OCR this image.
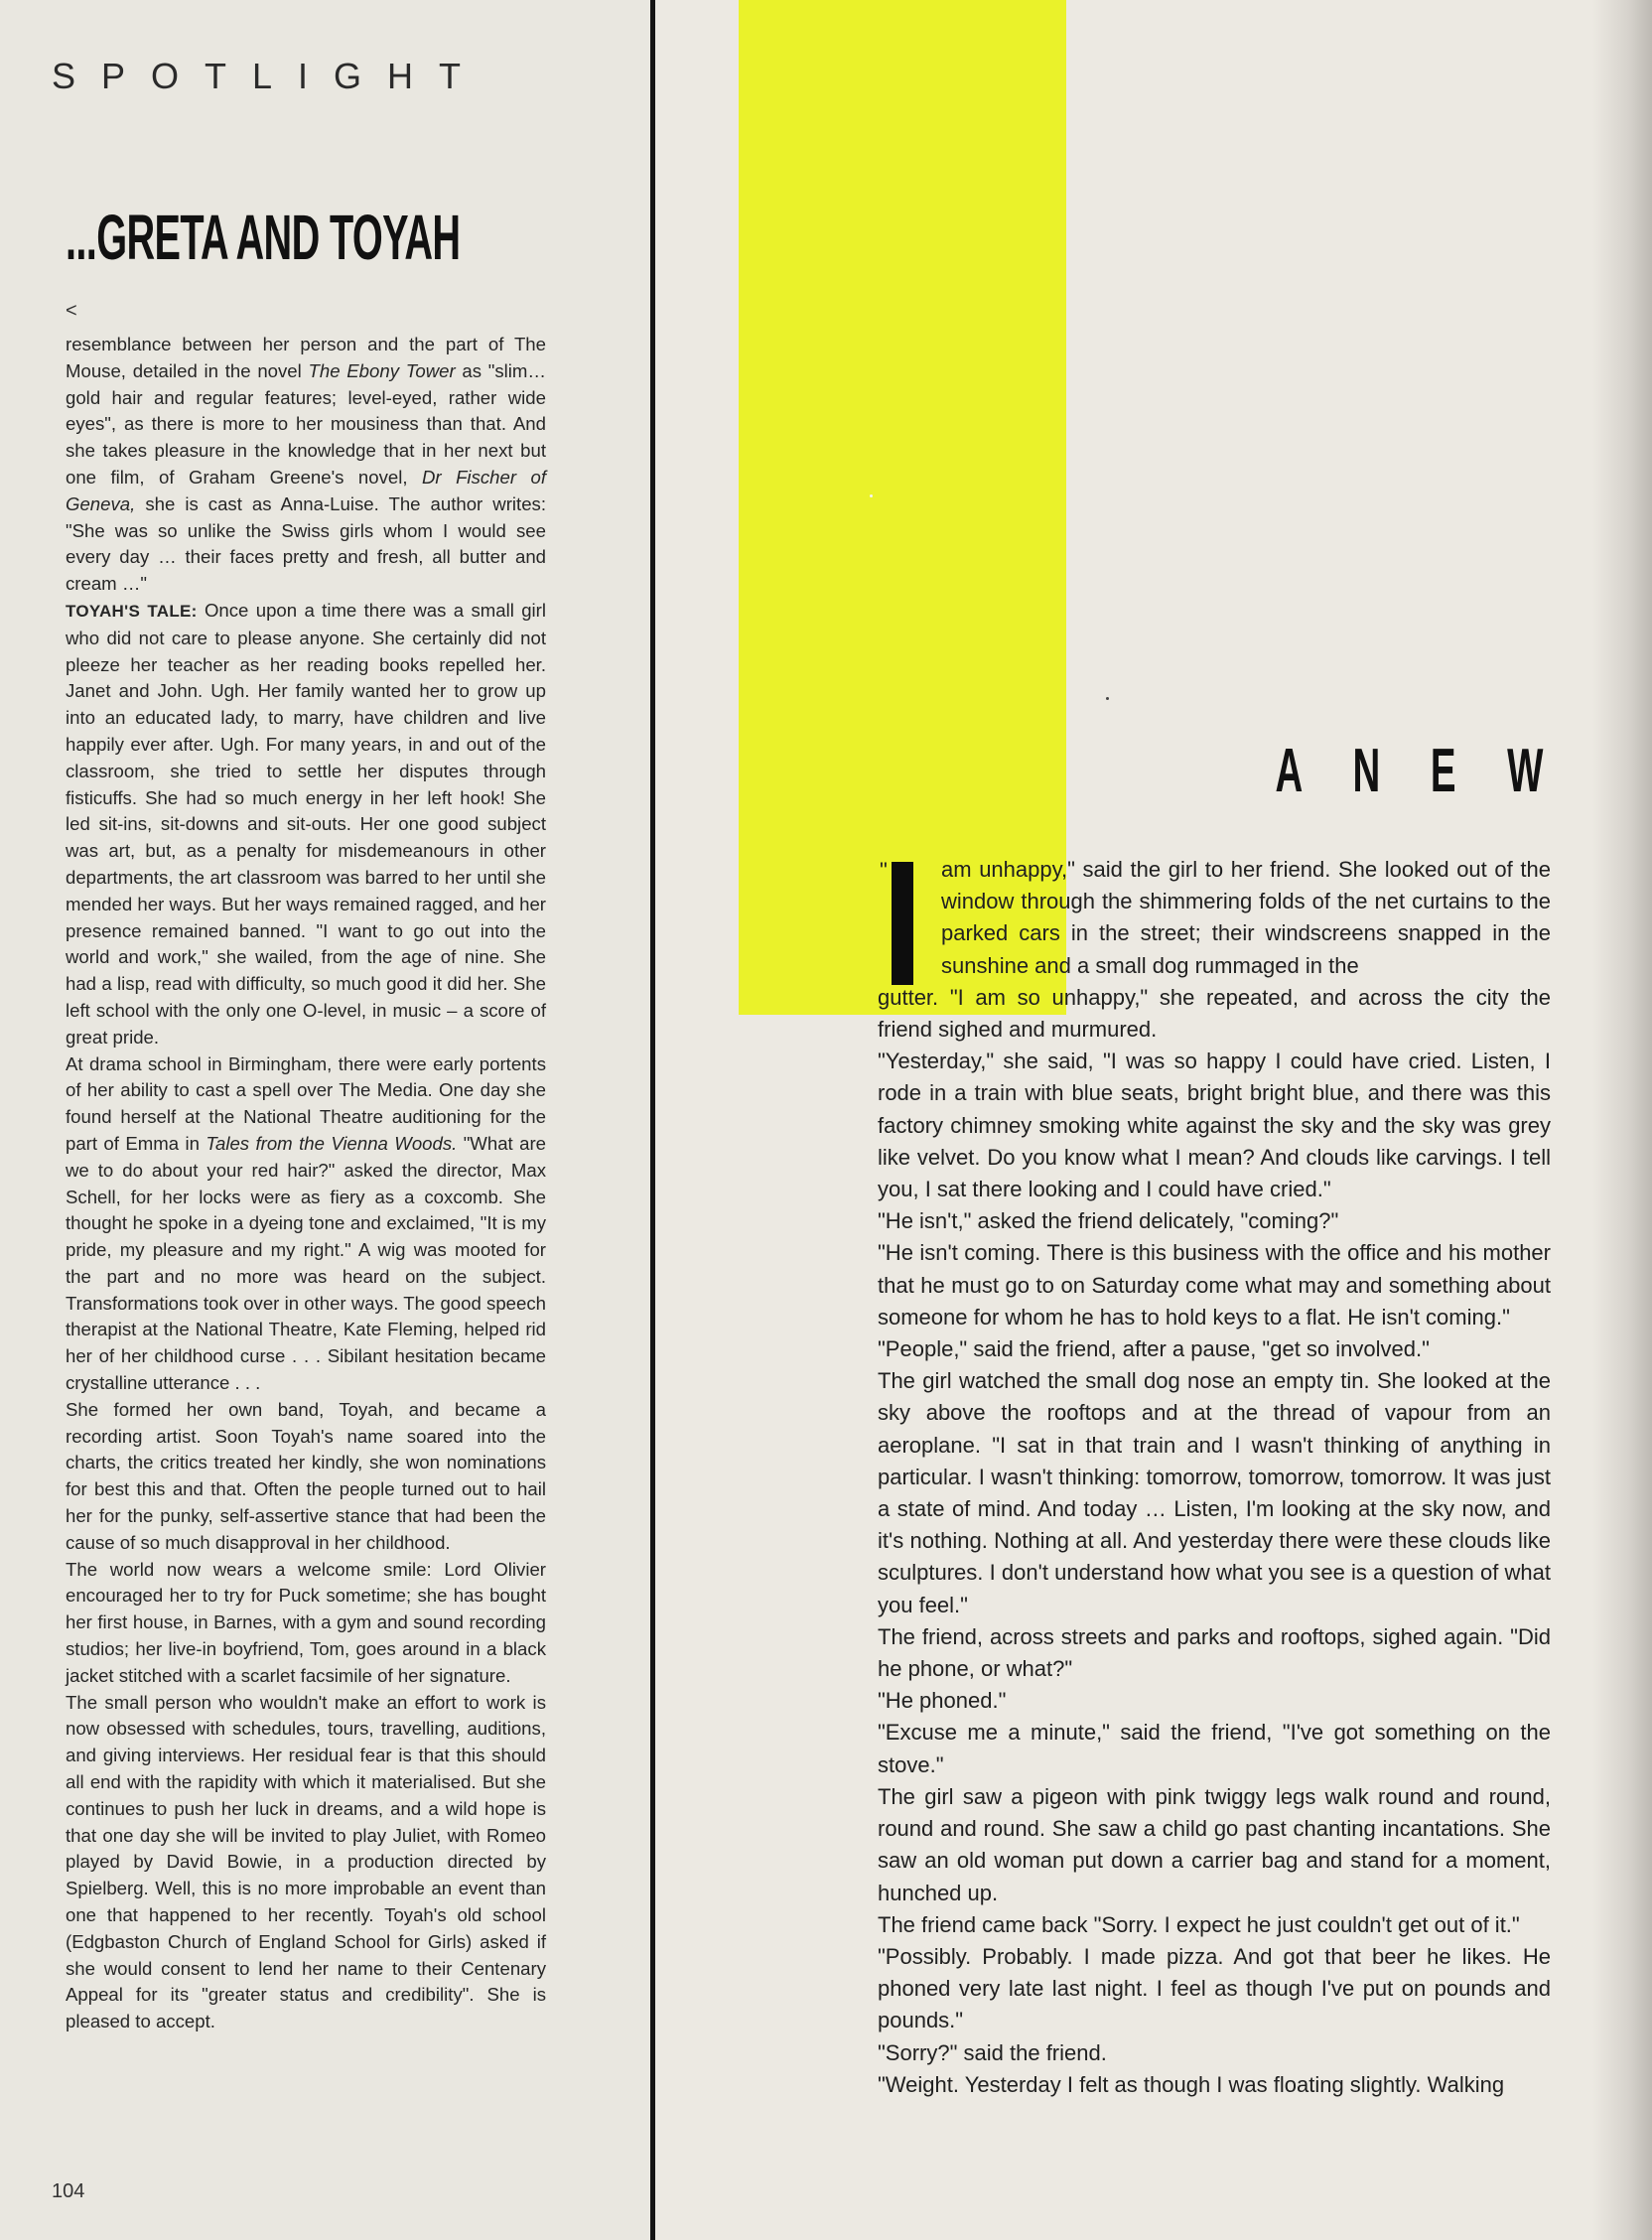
SPOTLIGHT
...GRETA AND TOYAH
<

resemblance between her person and the part of The Mouse, detailed in the novel The Ebony Tower as "slim…gold hair and regular features; level-eyed, rather wide eyes", as there is more to her mousiness than that. And she takes pleasure in the knowledge that in her next but one film, of Graham Greene's novel, Dr Fischer of Geneva, she is cast as Anna-Luise. The author writes: "She was so unlike the Swiss girls whom I would see every day … their faces pretty and fresh, all butter and cream …"

TOYAH'S TALE: Once upon a time there was a small girl who did not care to please anyone. She certainly did not pleeze her teacher as her reading books repelled her. Janet and John. Ugh. Her family wanted her to grow up into an educated lady, to marry, have children and live happily ever after. Ugh. For many years, in and out of the classroom, she tried to settle her disputes through fisticuffs. She had so much energy in her left hook! She led sit-ins, sit-downs and sit-outs. Her one good subject was art, but, as a penalty for misdemeanours in other departments, the art classroom was barred to her until she mended her ways. But her ways remained ragged, and her presence remained banned. "I want to go out into the world and work," she wailed, from the age of nine. She had a lisp, read with difficulty, so much good it did her. She left school with the only one O-level, in music – a score of great pride.

At drama school in Birmingham, there were early portents of her ability to cast a spell over The Media. One day she found herself at the National Theatre auditioning for the part of Emma in Tales from the Vienna Woods. "What are we to do about your red hair?" asked the director, Max Schell, for her locks were as fiery as a coxcomb. She thought he spoke in a dyeing tone and exclaimed, "It is my pride, my pleasure and my right." A wig was mooted for the part and no more was heard on the subject. Transformations took over in other ways. The good speech therapist at the National Theatre, Kate Fleming, helped rid her of her childhood curse . . . Sibilant hesitation became crystalline utterance . . .

She formed her own band, Toyah, and became a recording artist. Soon Toyah's name soared into the charts, the critics treated her kindly, she won nominations for best this and that. Often the people turned out to hail her for the punky, self-assertive stance that had been the cause of so much disapproval in her childhood.

The world now wears a welcome smile: Lord Olivier encouraged her to try for Puck sometime; she has bought her first house, in Barnes, with a gym and sound recording studios; her live-in boyfriend, Tom, goes around in a black jacket stitched with a scarlet facsimile of her signature.

The small person who wouldn't make an effort to work is now obsessed with schedules, tours, travelling, auditions, and giving interviews. Her residual fear is that this should all end with the rapidity with which it materialised. But she continues to push her luck in dreams, and a wild hope is that one day she will be invited to play Juliet, with Romeo played by David Bowie, in a production directed by Spielberg. Well, this is no more improbable an event than one that happened to her recently. Toyah's old school (Edgbaston Church of England School for Girls) asked if she would consent to lend her name to their Centenary Appeal for its "greater status and credibility". She is pleased to accept.

104
A N E W
"	am unhappy," said the girl to her friend. She looked out of the window through the shimmering folds of the net curtains to the parked cars in the street; their windscreens snapped in the sunshine and a small dog rummaged in the

gutter. "I am so unhappy," she repeated, and across the city the friend sighed and murmured.

"Yesterday," she said, "I was so happy I could have cried. Listen, I rode in a train with blue seats, bright bright blue, and there was this factory chimney smoking white against the sky and the sky was grey like velvet. Do you know what I mean? And clouds like carvings. I tell you, I sat there looking and I could have cried."

"He isn't," asked the friend delicately, "coming?"

"He isn't coming. There is this business with the office and his mother that he must go to on Saturday come what may and something about someone for whom he has to hold keys to a flat. He isn't coming."

"People," said the friend, after a pause, "get so involved."

The girl watched the small dog nose an empty tin. She looked at the sky above the rooftops and at the thread of vapour from an aeroplane. "I sat in that train and I wasn't thinking of anything in particular. I wasn't thinking: tomorrow, tomorrow, tomorrow. It was just a state of mind. And today … Listen, I'm looking at the sky now, and it's nothing. Nothing at all. And yesterday there were these clouds like sculptures. I don't understand how what you see is a question of what you feel."

The friend, across streets and parks and rooftops, sighed again. "Did he phone, or what?"

"He phoned."

"Excuse me a minute," said the friend, "I've got something on the stove."

The girl saw a pigeon with pink twiggy legs walk round and round, round and round. She saw a child go past chanting incantations. She saw an old woman put down a carrier bag and stand for a moment, hunched up.

The friend came back "Sorry. I expect he just couldn't get out of it."

"Possibly. Probably. I made pizza. And got that beer he likes. He phoned very late last night. I feel as though I've put on pounds and pounds."

"Sorry?" said the friend.

"Weight. Yesterday I felt as though I was floating slightly. Walking
